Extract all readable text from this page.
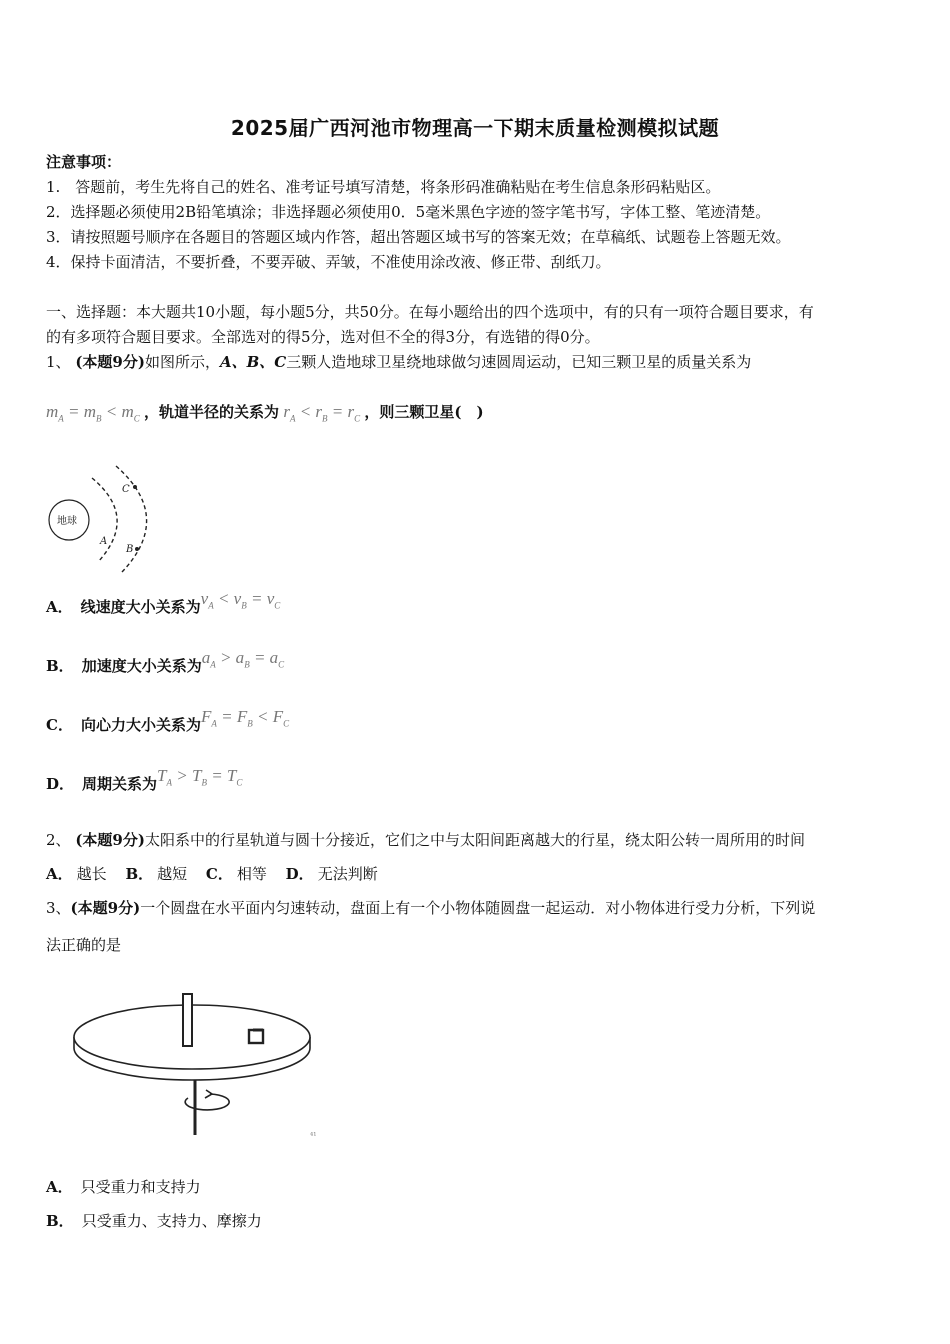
2025届广西河池市物理高一下期末质量检测模拟试题
注意事项：
1.　答题前，考生先将自己的姓名、准考证号填写清楚，将条形码准确粘贴在考生信息条形码粘贴区。
2．选择题必须使用2B铅笔填涂；非选择题必须使用0．5毫米黑色字迹的签字笔书写，字体工整、笔迹清楚。
3．请按照题号顺序在各题目的答题区域内作答，超出答题区域书写的答案无效；在草稿纸、试题卷上答题无效。
4．保持卡面清洁，不要折叠，不要弄破、弄皱，不准使用涂改液、修正带、刮纸刀。
一、选择题：本大题共10小题，每小题5分，共50分。在每小题给出的四个选项中，有的只有一项符合题目要求，有
的有多项符合题目要求。全部选对的得5分，选对但不全的得3分，有选错的得0分。
1、 (本题9分)如图所示，A、B、C三颗人造地球卫星绕地球做匀速圆周运动，已知三颗卫星的质量关系为
$m_A = m_B < m_C$ ，轨道半径的关系为 $r_A < r_B = r_C$ ，则三颗卫星(　)
地球
A
B
C
A． 线速度大小关系为$v_A < v_B = v_C$
B． 加速度大小关系为$a_A > a_B = a_C$
C． 向心力大小关系为$F_A = F_B < F_C$
D． 周期关系为$T_A > T_B = T_C$
2、 (本题9分)太阳系中的行星轨道与圆十分接近，它们之中与太阳间距离越大的行星，绕太阳公转一周所用的时间
A． 越长 B． 越短 C． 相等 D． 无法判断
3、(本题9分)一个圆盘在水平面内匀速转动，盘面上有一个小物体随圆盘一起运动．对小物体进行受力分析，下列说
法正确的是
⁴¹
A． 只受重力和支持力
B． 只受重力、支持力、摩擦力
